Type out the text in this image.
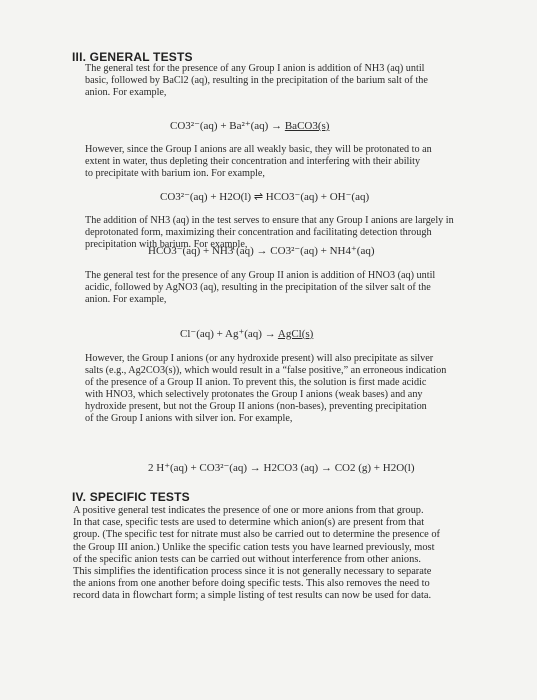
III. GENERAL TESTS

The general test for the presence of any Group I anion is addition of NH3 (aq) until

basic, followed by BaCl2 (aq), resulting in the precipitation of the barium salt of the

anion. For example,

CO3²⁻(aq) + Ba²⁺(aq) → BaCO3(s)

However, since the Group I anions are all weakly basic, they will be protonated to an

extent in water, thus depleting their concentration and interfering with their ability

to precipitate with barium ion. For example,

CO3²⁻(aq) + H2O(l) ⇌ HCO3⁻(aq) + OH⁻(aq)

The addition of NH3 (aq) in the test serves to ensure that any Group I anions are largely in

deprotonated form, maximizing their concentration and facilitating detection through

precipitation with barium. For example,

HCO3⁻(aq) + NH3 (aq) → CO3²⁻(aq) + NH4⁺(aq)

The general test for the presence of any Group II anion is addition of HNO3 (aq) until

acidic, followed by AgNO3 (aq), resulting in the precipitation of the silver salt of the

anion. For example,

Cl⁻(aq) + Ag⁺(aq) → AgCl(s)

However, the Group I anions (or any hydroxide present) will also precipitate as silver

salts (e.g., Ag2CO3(s)), which would result in a “false positive,” an erroneous indication

of the presence of a Group II anion. To prevent this, the solution is first made acidic

with HNO3, which selectively protonates the Group I anions (weak bases) and any

hydroxide present, but not the Group II anions (non-bases), preventing precipitation

of the Group I anions with silver ion. For example,

2 H⁺(aq) + CO3²⁻(aq) → H2CO3 (aq) → CO2 (g) + H2O(l)
IV. SPECIFIC TESTS

A positive general test indicates the presence of one or more anions from that group.

In that case, specific tests are used to determine which anion(s) are present from that

group. (The specific test for nitrate must also be carried out to determine the presence of

the Group III anion.) Unlike the specific cation tests you have learned previously, most

of the specific anion tests can be carried out without interference from other anions.

This simplifies the identification process since it is not generally necessary to separate

the anions from one another before doing specific tests. This also removes the need to

record data in flowchart form; a simple listing of test results can now be used for data.
